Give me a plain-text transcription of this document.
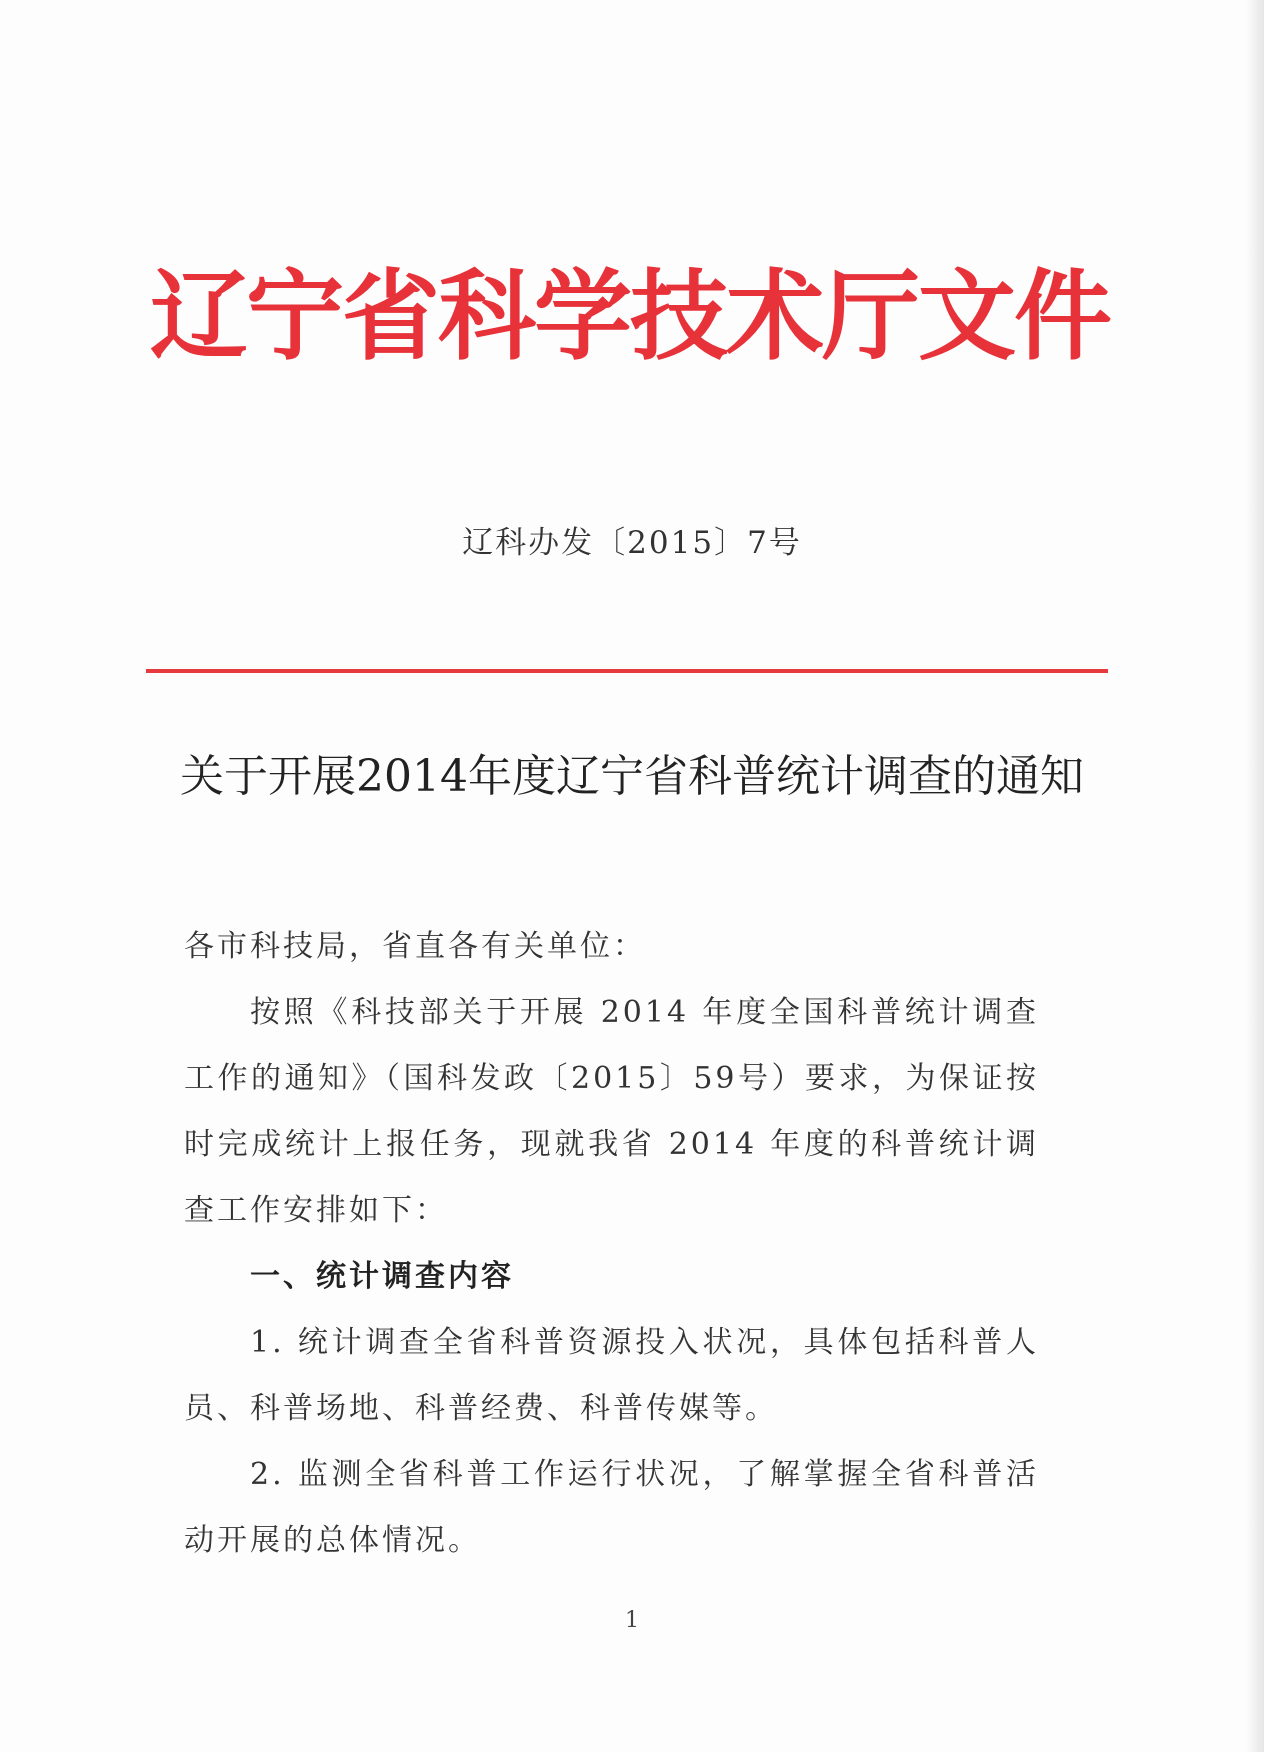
辽宁省科学技术厅文件
辽科办发〔2015〕7号
关于开展2014年度辽宁省科普统计调查的通知

各市科技局，省直各有关单位：

按照《科技部关于开展 2014 年度全国科普统计调查工作的通知》（国科发政〔2015〕59号）要求，为保证按时完成统计上报任务，现就我省 2014 年度的科普统计调查工作安排如下：

一、统计调查内容

1. 统计调查全省科普资源投入状况，具体包括科普人员、科普场地、科普经费、科普传媒等。

2. 监测全省科普工作运行状况，了解掌握全省科普活动开展的总体情况。

1
